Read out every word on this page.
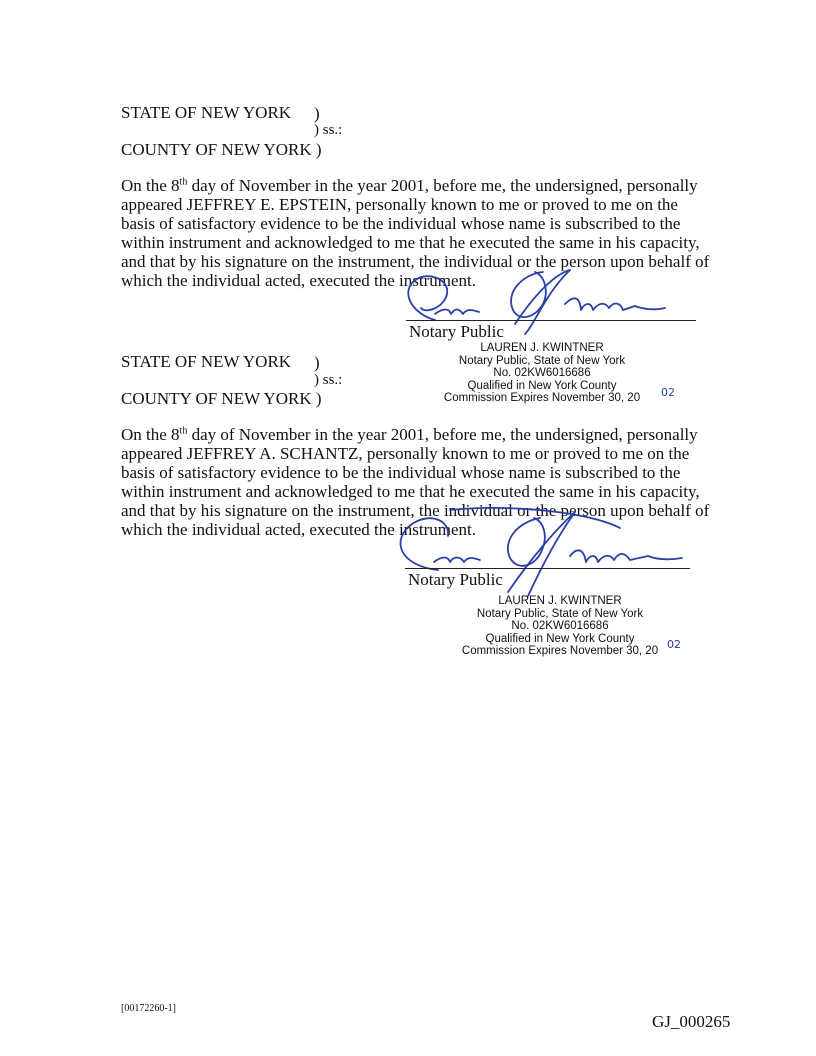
STATE OF NEW YORK )
) ss.:
COUNTY OF NEW YORK )

On the 8th day of November in the year 2001, before me, the undersigned, personally appeared JEFFREY E. EPSTEIN, personally known to me or proved to me on the basis of satisfactory evidence to be the individual whose name is subscribed to the within instrument and acknowledged to me that he executed the same in his capacity, and that by his signature on the instrument, the individual or the person upon behalf of which the individual acted, executed the instrument.

Notary Public
LAUREN J. KWINTNER
Notary Public, State of New York
No. 02KW6016686
Qualified in New York County
Commission Expires November 30, 20	02
STATE OF NEW YORK )
) ss.:
COUNTY OF NEW YORK )

On the 8th day of November in the year 2001, before me, the undersigned, personally appeared JEFFREY A. SCHANTZ, personally known to me or proved to me on the basis of satisfactory evidence to be the individual whose name is subscribed to the within instrument and acknowledged to me that he executed the same in his capacity, and that by his signature on the instrument, the individual or the person upon behalf of which the individual acted, executed the instrument.

Notary Public
LAUREN J. KWINTNER
Notary Public, State of New York
No. 02KW6016686
Qualified in New York County
Commission Expires November 30, 20 02
[00172260-1]
GJ_000265
